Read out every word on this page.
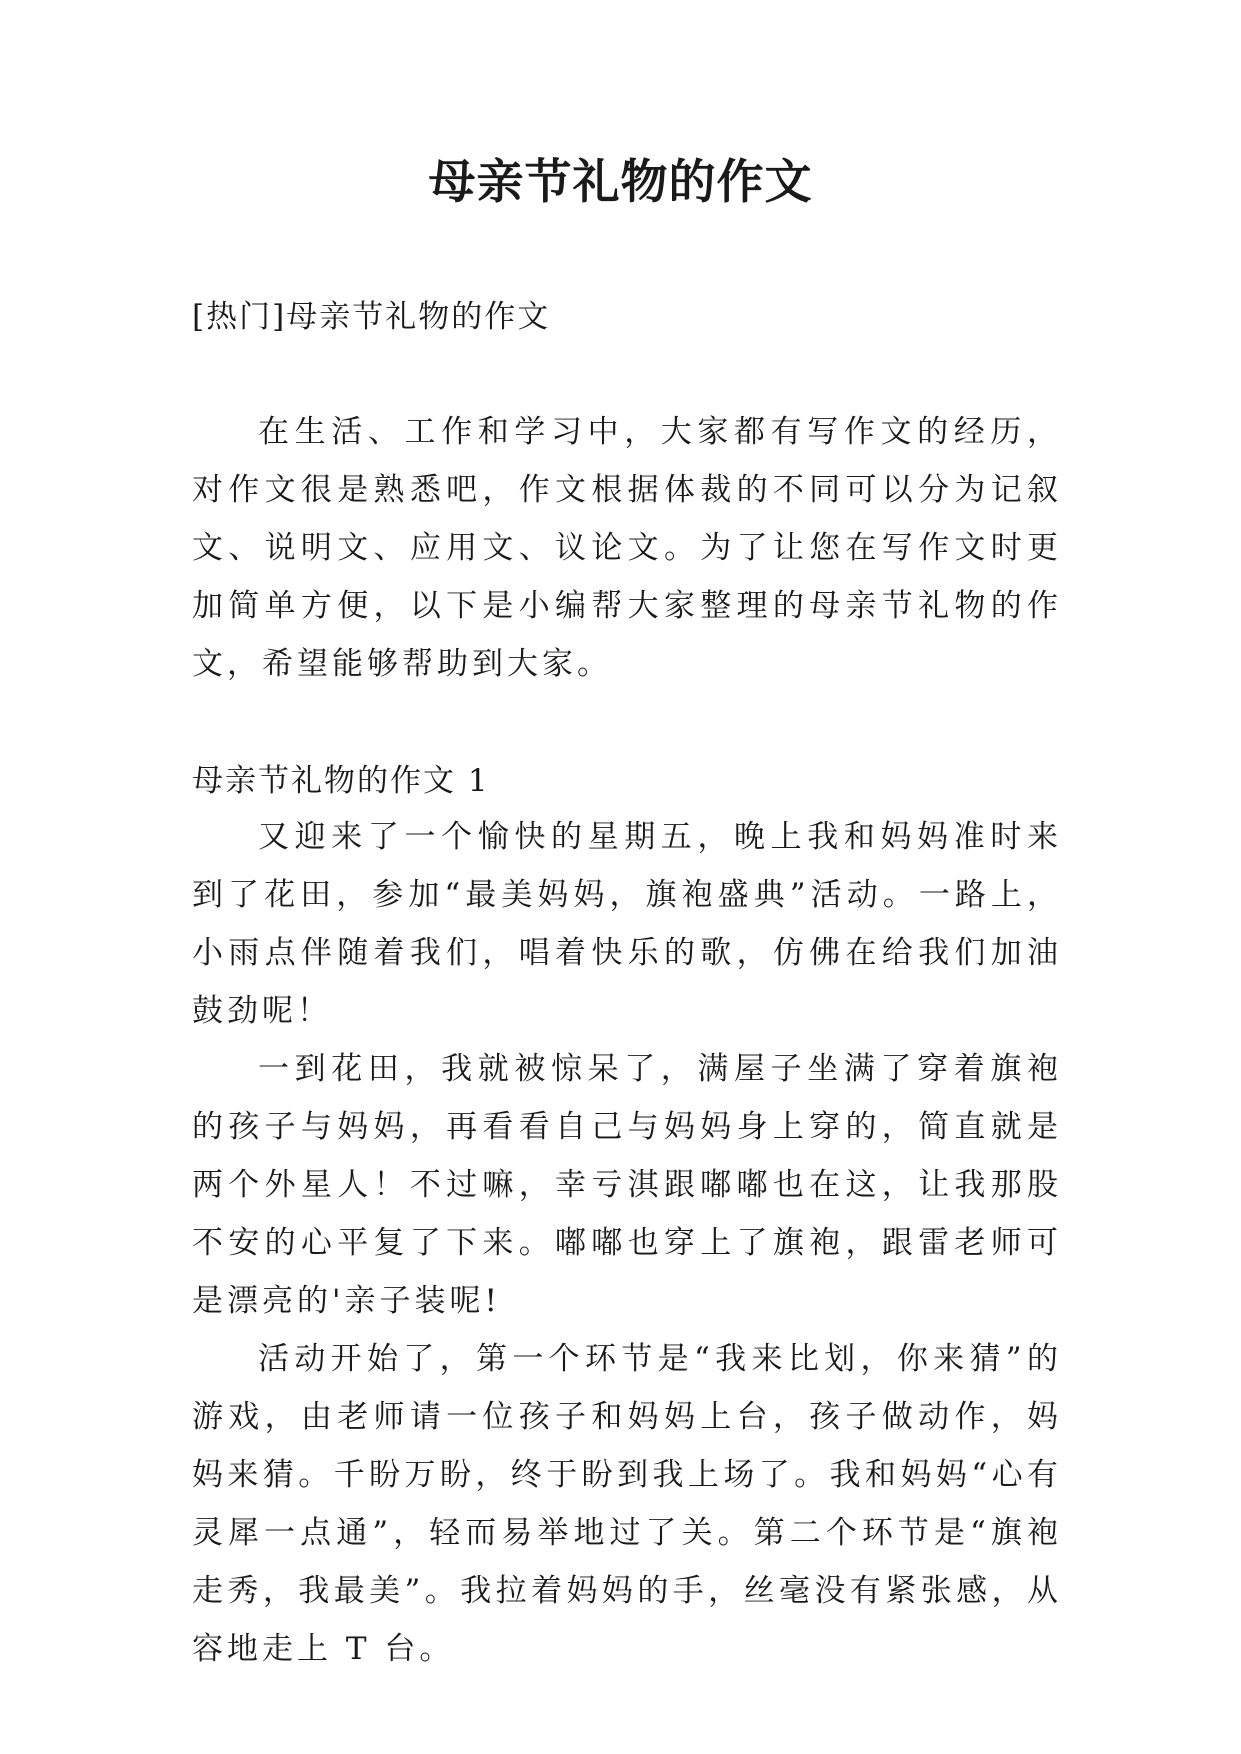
母亲节礼物的作文
[热门]母亲节礼物的作文

在生活、工作和学习中，大家都有写作文的经历，对作文很是熟悉吧，作文根据体裁的不同可以分为记叙文、说明文、应用文、议论文。为了让您在写作文时更加简单方便，以下是小编帮大家整理的母亲节礼物的作文，希望能够帮助到大家。

母亲节礼物的作文 1

又迎来了一个愉快的星期五，晚上我和妈妈准时来到了花田，参加“最美妈妈，旗袍盛典”活动。一路上，小雨点伴随着我们，唱着快乐的歌，仿佛在给我们加油鼓劲呢！

一到花田，我就被惊呆了，满屋子坐满了穿着旗袍的孩子与妈妈，再看看自己与妈妈身上穿的，简直就是两个外星人！不过嘛，幸亏淇跟嘟嘟也在这，让我那股不安的心平复了下来。嘟嘟也穿上了旗袍，跟雷老师可是漂亮的'亲子装呢!

活动开始了，第一个环节是“我来比划，你来猜”的游戏，由老师请一位孩子和妈妈上台，孩子做动作，妈妈来猜。千盼万盼，终于盼到我上场了。我和妈妈“心有灵犀一点通”，轻而易举地过了关。第二个环节是“旗袍走秀，我最美”。我拉着妈妈的手，丝毫没有紧张感，从容地走上 T 台。
